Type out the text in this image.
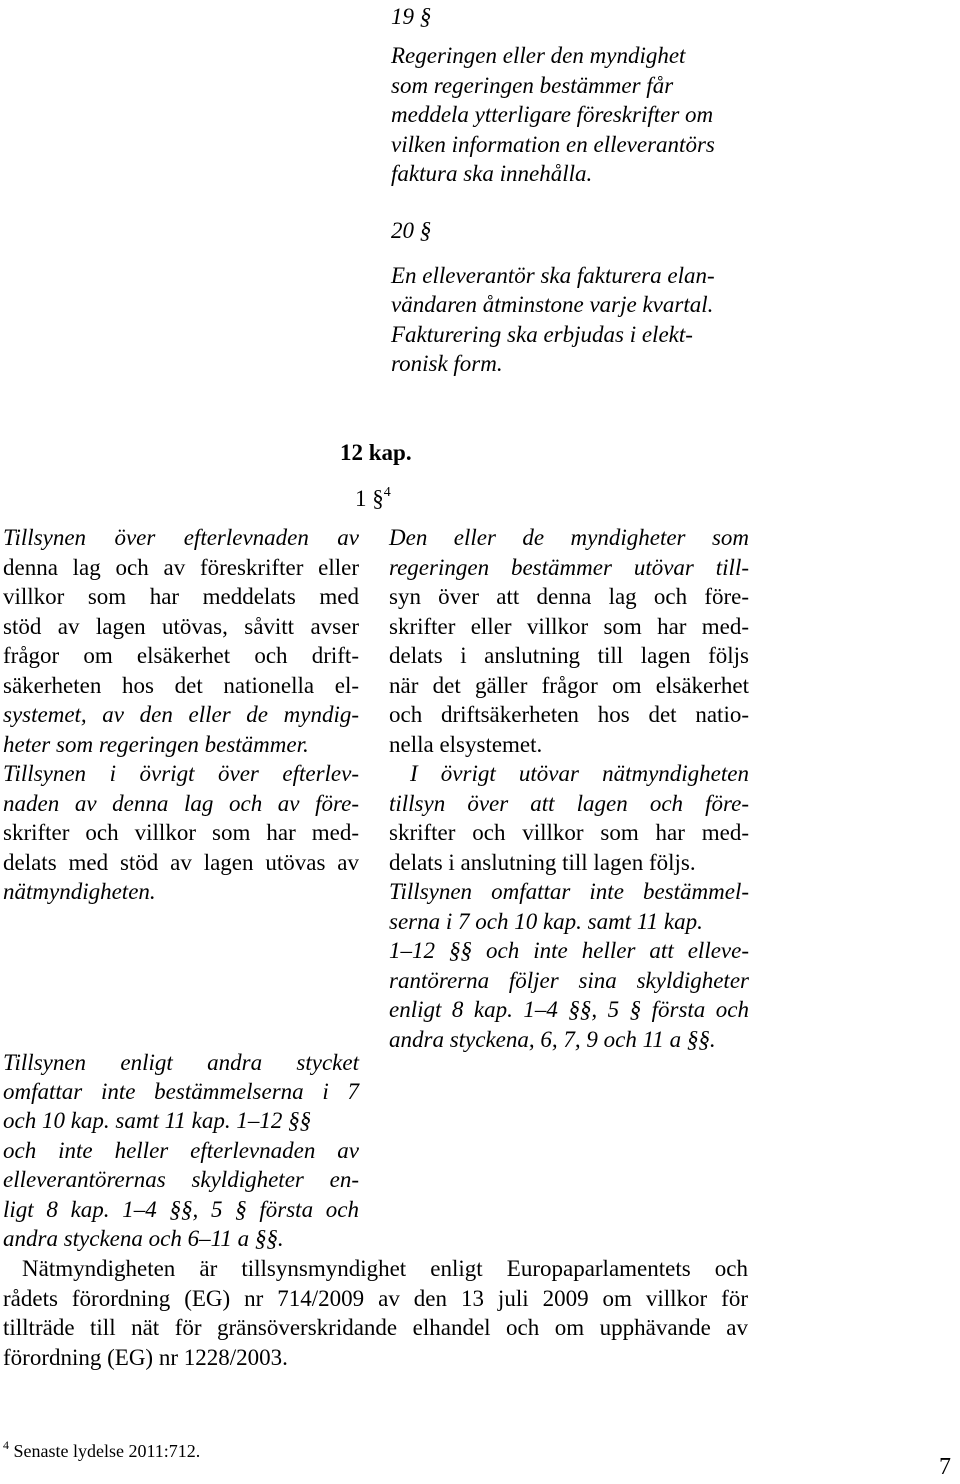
19 §
Regeringen eller den myndighet
som regeringen bestämmer får
meddela ytterligare föreskrifter om
vilken information en elleverantörs
faktura ska innehålla.
20 §
En elleverantör ska fakturera elan-
vändaren åtminstone varje kvartal.
Fakturering ska erbjudas i elekt-
ronisk form.
12 kap.
1 §$^4$
Tillsynen över efterlevnaden av
denna lag och av föreskrifter eller
villkor som har meddelats med
stöd av lagen utövas, såvitt avser
frågor om elsäkerhet och drift-
säkerheten hos det nationella el-
systemet, av den eller de myndig-
heter som regeringen bestämmer.
Tillsynen i övrigt över efterlev-
naden av denna lag och av före-
skrifter och villkor som har med-
delats med stöd av lagen utövas av
nätmyndigheten.
Tillsynen enligt andra stycket
omfattar inte bestämmelserna i 7
och 10 kap. samt 11 kap. 1–12 §§
och inte heller efterlevnaden av
elleverantörernas skyldigheter en-
ligt 8 kap. 1–4 §§, 5 § första och
andra styckena och 6–11 a §§.
Den eller de myndigheter som
regeringen bestämmer utövar till-
syn över att denna lag och före-
skrifter eller villkor som har med-
delats i anslutning till lagen följs
när det gäller frågor om elsäkerhet
och driftsäkerheten hos det natio-
nella elsystemet.
I övrigt utövar nätmyndigheten
tillsyn över att lagen och före-
skrifter och villkor som har med-
delats i anslutning till lagen följs.
Tillsynen omfattar inte bestämmel-
serna i 7 och 10 kap. samt 11 kap.
1–12 §§ och inte heller att elleve-
rantörerna följer sina skyldigheter
enligt 8 kap. 1–4 §§, 5 § första och
andra styckena, 6, 7, 9 och 11 a §§.
Nätmyndigheten är tillsynsmyndighet enligt Europaparlamentets och
rådets förordning (EG) nr 714/2009 av den 13 juli 2009 om villkor för
tillträde till nät för gränsöverskridande elhandel och om upphävande av
förordning (EG) nr 1228/2003.
$^4$ Senaste lydelse 2011:712.
7
